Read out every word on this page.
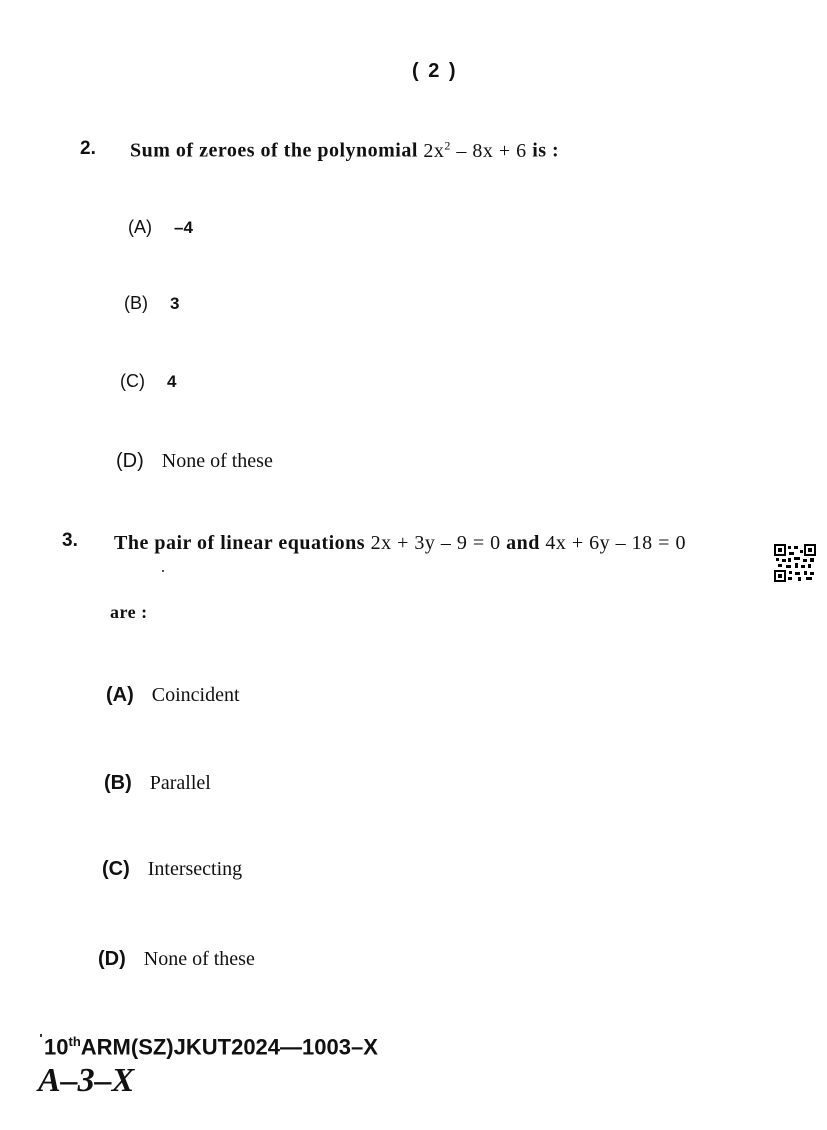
( 2 )
2. Sum of zeroes of the polynomial $2x^2 - 8x + 6$ is :
(A) –4
(B) 3
(C) 4
(D) None of these
3. The pair of linear equations 2x + 3y – 9 = 0 and 4x + 6y – 18 = 0
are :
(A) Coincident
(B) Parallel
(C) Intersecting
(D) None of these
10thARM(SZ)JKUT2024—1003–X
A–3–X
